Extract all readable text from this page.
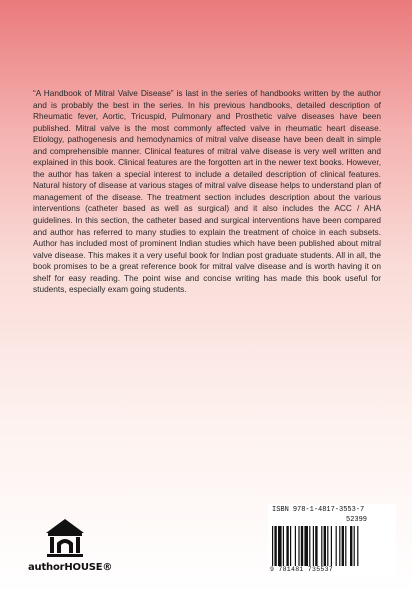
“A Handbook of Mitral Valve Disease” is last in the series of handbooks written by the author and is probably the best in the series. In his previous handbooks, detailed description of Rheumatic fever, Aortic, Tricuspid, Pulmonary and Prosthetic valve diseases have been published. Mitral valve is the most commonly affected valve in rheumatic heart disease. Etiology, pathogenesis and hemodynamics of mitral valve disease have been dealt in simple and comprehensible manner. Clinical features of mitral valve disease is very well written and explained in this book. Clinical features are the forgotten art in the newer text books. However, the author has taken a special interest to include a detailed description of clinical features. Natural history of disease at various stages of mitral valve disease helps to understand plan of management of the disease. The treatment section includes description about the various interventions (catheter based as well as surgical) and it also includes the ACC / AHA guidelines. In this section, the catheter based and surgical interventions have been compared and author has referred to many studies to explain the treatment of choice in each subsets. Author has included most of prominent Indian studies which have been published about mitral valve disease. This makes it a very useful book for Indian post graduate students. All in all, the book promises to be a great reference book for mitral valve disease and is worth having it on shelf for easy reading. The point wise and concise writing has made this book useful for students, especially exam going students.

ISBN 978-1-4817-3553-7
52399
9 781481 735537
authorHOUSE®
